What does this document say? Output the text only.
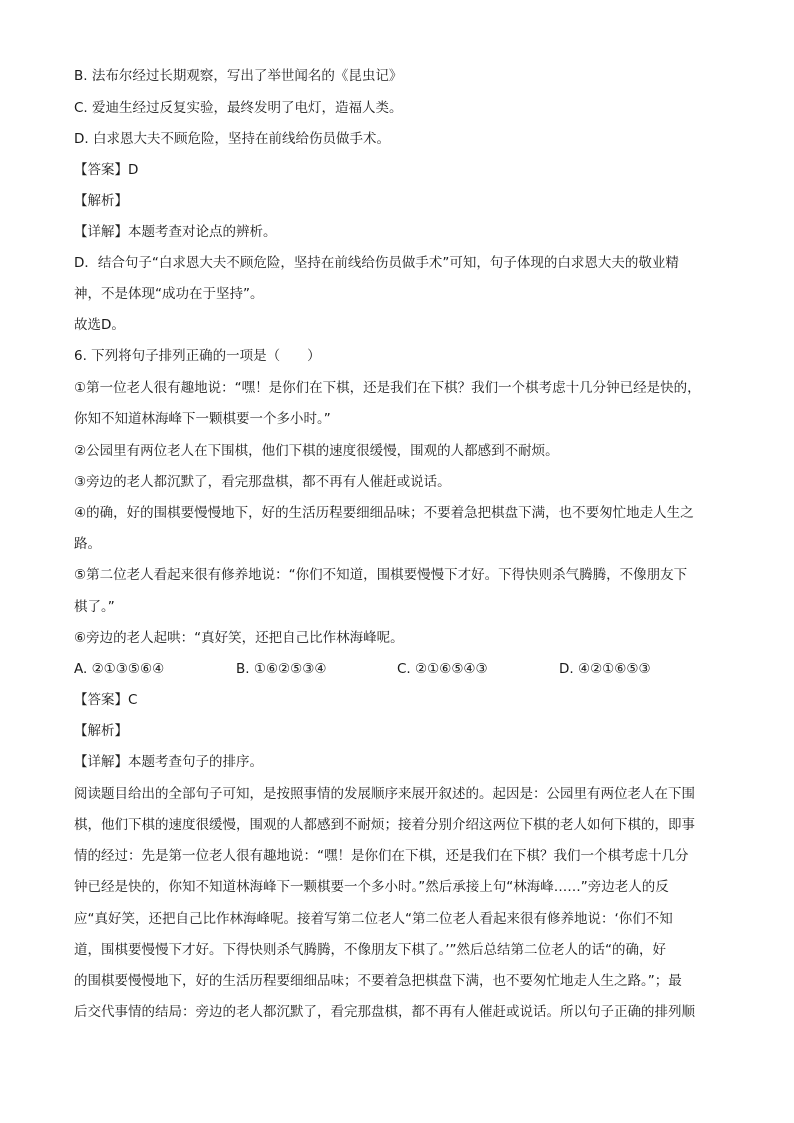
B. 法布尔经过长期观察，写出了举世闻名的《昆虫记》
C. 爱迪生经过反复实验，最终发明了电灯，造福人类。
D. 白求恩大夫不顾危险，坚持在前线给伤员做手术。
【答案】D
【解析】
【详解】本题考查对论点的辨析。
D．结合句子“白求恩大夫不顾危险，坚持在前线给伤员做手术”可知，句子体现的白求恩大夫的敬业精
神，不是体现“成功在于坚持”。
故选D。
6. 下列将句子排列正确的一项是（　　）
①第一位老人很有趣地说：“嘿！是你们在下棋，还是我们在下棋？我们一个棋考虑十几分钟已经是快的，
你知不知道林海峰下一颗棋要一个多小时。”
②公园里有两位老人在下围棋，他们下棋的速度很缓慢，围观的人都感到不耐烦。
③旁边的老人都沉默了，看完那盘棋，都不再有人催赶或说话。
④的确，好的围棋要慢慢地下，好的生活历程要细细品味；不要着急把棋盘下满，也不要匆忙地走人生之
路。
⑤第二位老人看起来很有修养地说：“你们不知道，围棋要慢慢下才好。下得快则杀气腾腾，不像朋友下
棋了。”
⑥旁边的老人起哄：“真好笑，还把自己比作林海峰呢。
A. ②①③⑤⑥④	B. ①⑥②⑤③④	C. ②①⑥⑤④③	D. ④②①⑥⑤③
【答案】C
【解析】
【详解】本题考查句子的排序。
阅读题目给出的全部句子可知，是按照事情的发展顺序来展开叙述的。起因是：公园里有两位老人在下围
棋，他们下棋的速度很缓慢，围观的人都感到不耐烦；接着分别介绍这两位下棋的老人如何下棋的，即事
情的经过：先是第一位老人很有趣地说：“嘿！是你们在下棋，还是我们在下棋？我们一个棋考虑十几分
钟已经是快的，你知不知道林海峰下一颗棋要一个多小时。”然后承接上句“林海峰……”旁边老人的反
应“真好笑，还把自己比作林海峰呢。接着写第二位老人“第二位老人看起来很有修养地说：‘你们不知
道，围棋要慢慢下才好。下得快则杀气腾腾，不像朋友下棋了。’”然后总结第二位老人的话“的确，好
的围棋要慢慢地下，好的生活历程要细细品味；不要着急把棋盘下满，也不要匆忙地走人生之路。”；最
后交代事情的结局：旁边的老人都沉默了，看完那盘棋，都不再有人催赶或说话。所以句子正确的排列顺
